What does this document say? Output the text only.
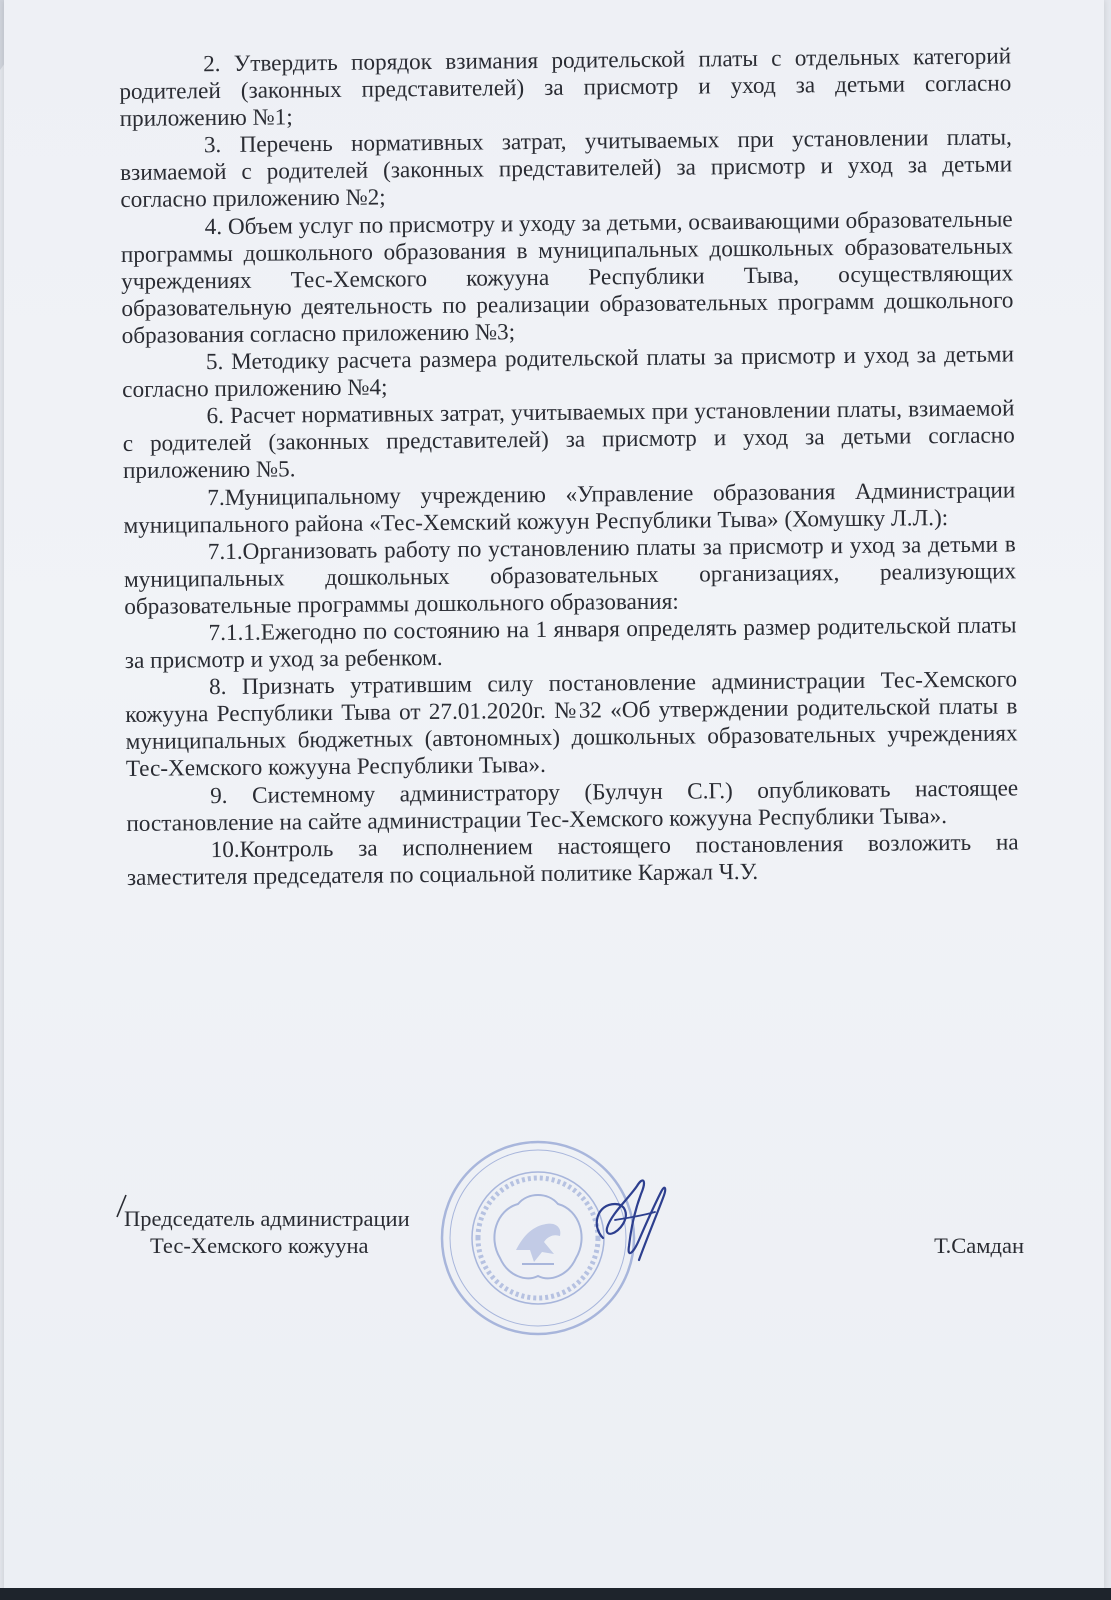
2. Утвердить порядок взимания родительской платы с отдельных категорий родителей (законных представителей) за присмотр и уход за детьми согласно приложению №1;

3. Перечень нормативных затрат, учитываемых при установлении платы, взимаемой с родителей (законных представителей) за присмотр и уход за детьми согласно приложению №2;

4. Объем услуг по присмотру и уходу за детьми, осваивающими образовательные программы дошкольного образования в муниципальных дошкольных образовательных учреждениях Тес-Хемского кожууна Республики Тыва, осуществляющих образовательную деятельность по реализации образовательных программ дошкольного образования согласно приложению №3;

5. Методику расчета размера родительской платы за присмотр и уход за детьми согласно приложению №4;

6. Расчет нормативных затрат, учитываемых при установлении платы, взимаемой с родителей (законных представителей) за присмотр и уход за детьми согласно приложению №5.

7.Муниципальному учреждению «Управление образования Администрации муниципального района «Тес-Хемский кожуун Республики Тыва» (Хомушку Л.Л.):

7.1.Организовать работу по установлению платы за присмотр и уход за детьми в муниципальных дошкольных образовательных организациях, реализующих образовательные программы дошкольного образования:

7.1.1.Ежегодно по состоянию на 1 января определять размер родительской платы за присмотр и уход за ребенком.

8. Признать утратившим силу постановление администрации Тес-Хемского кожууна Республики Тыва от 27.01.2020г. №32 «Об утверждении родительской платы в муниципальных бюджетных (автономных) дошкольных образовательных учреждениях Тес-Хемского кожууна Республики Тыва».

9. Системному администратору (Булчун С.Г.) опубликовать настоящее постановление на сайте администрации Тес-Хемского кожууна Республики Тыва».

10.Контроль за исполнением настоящего постановления возложить на заместителя председателя по социальной политике Каржал Ч.У.

Председатель администрации
Тес-Хемского кожууна	Т.Самдан
